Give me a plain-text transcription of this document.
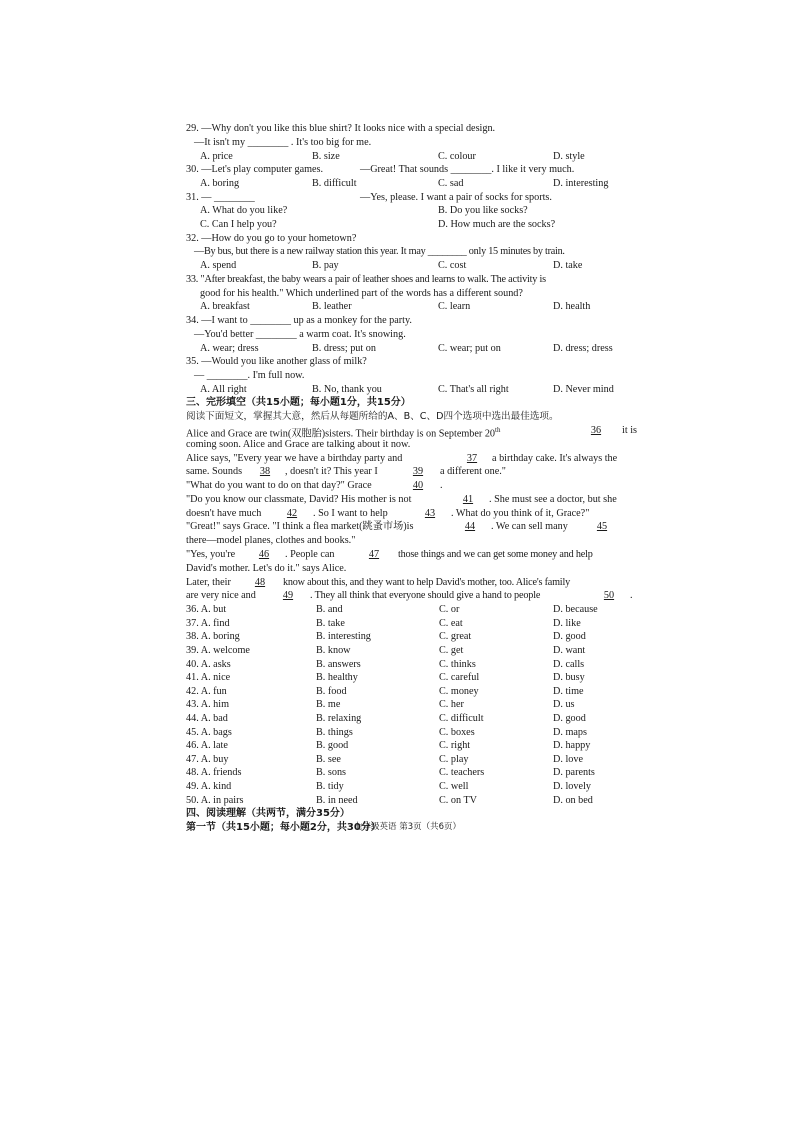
29. —Why don't you like this blue shirt? It looks nice with a special design.
—It isn't my ________ . It's too big for me.
A. price	B. size	C. colour	D. style
30. —Let's play computer games.	—Great! That sounds ________. I like it very much.
A. boring	B. difficult	C. sad	D. interesting
31. — ________	—Yes, please. I want a pair of socks for sports.
A. What do you like?	B. Do you like socks?
C. Can I help you?	D. How much are the socks?
32. —How do you go to your hometown?
—By bus, but there is a new railway station this year. It may ________ only 15 minutes by train.
A. spend	B. pay	C. cost	D. take
33. "After breakfast, the baby wears a pair of leather shoes and learns to walk. The activity is
good for his health." Which underlined part of the words has a different sound?
A. breakfast	B. leather	C. learn	D. health
34. —I want to ________ up as a monkey for the party.
—You'd better ________ a warm coat. It's snowing.
A. wear; dress	B. dress; put on	C. wear; put on	D. dress; dress
35. —Would you like another glass of milk?
— ________. I'm full now.
A. All right	B. No, thank you	C. That's all right	D. Never mind
三、完形填空（共15小题；每小题1分，共15分）
阅读下面短文，掌握其大意，然后从每题所给的A、B、C、D四个选项中选出最佳选项。
Alice and Grace are twin(双胞胎)sisters. Their birthday is on September 20th	36	it is
coming soon. Alice and Grace are talking about it now.
Alice says, "Every year we have a birthday party and	37	a birthday cake. It's always the
same. Sounds	38	, doesn't it? This year I	39	a different one."
"What do you want to do on that day?" Grace	40	.
"Do you know our classmate, David? His mother is not	41	. She must see a doctor, but she
doesn't have much	42	. So I want to help	43	. What do you think of it, Grace?"
"Great!" says Grace. "I think a flea market(跳蚤市场)is	44	. We can sell many	45
there—model planes, clothes and books."
"Yes, you're	46	. People can	47	those things and we can get some money and help
David's mother. Let's do it." says Alice.
Later, their	48	know about this, and they want to help David's mother, too. Alice's family
are very nice and	49	. They all think that everyone should give a hand to people	50	.
36. A. but	B. and	C. or	D. because
37. A. find	B. take	C. eat	D. like
38. A. boring	B. interesting	C. great	D. good
39. A. welcome	B. know	C. get	D. want
40. A. asks	B. answers	C. thinks	D. calls
41. A. nice	B. healthy	C. careful	D. busy
42. A. fun	B. food	C. money	D. time
43. A. him	B. me	C. her	D. us
44. A. bad	B. relaxing	C. difficult	D. good
45. A. bags	B. things	C. boxes	D. maps
46. A. late	B. good	C. right	D. happy
47. A. buy	B. see	C. play	D. love
48. A. friends	B. sons	C. teachers	D. parents
49. A. kind	B. tidy	C. well	D. lovely
50. A. in pairs	B. in need	C. on TV	D. on bed
四、阅读理解（共两节，满分35分）
第一节（共15小题；每小题2分，共30分）
七年级英语 第3页（共6页）
